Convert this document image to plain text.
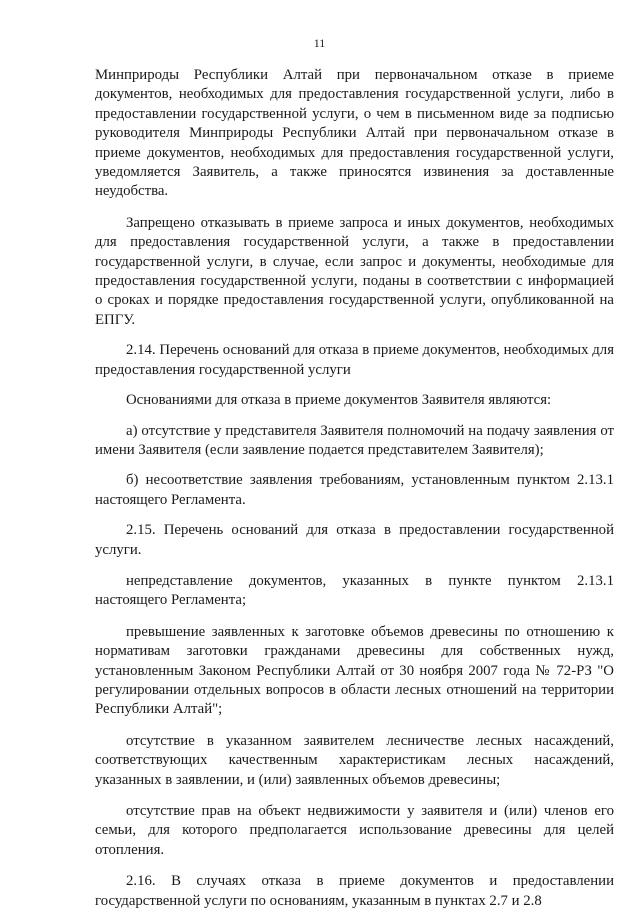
11

Минприроды Республики Алтай при первоначальном отказе в приеме документов, необходимых для предоставления государственной услуги, либо в предоставлении государственной услуги, о чем в письменном виде за подписью руководителя Минприроды Республики Алтай при первоначальном отказе в приеме документов, необходимых для предоставления государственной услуги, уведомляется Заявитель, а также приносятся извинения за доставленные неудобства.

Запрещено отказывать в приеме запроса и иных документов, необходимых для предоставления государственной услуги, а также в предоставлении государственной услуги, в случае, если запрос и документы, необходимые для предоставления государственной услуги, поданы в соответствии с информацией о сроках и порядке предоставления государственной услуги, опубликованной на ЕПГУ.

2.14. Перечень оснований для отказа в приеме документов, необходимых для предоставления государственной услуги

Основаниями для отказа в приеме документов Заявителя являются:

а) отсутствие у представителя Заявителя полномочий на подачу заявления от имени Заявителя (если заявление подается представителем Заявителя);

б) несоответствие заявления требованиям, установленным пунктом 2.13.1 настоящего Регламента.

2.15. Перечень оснований для отказа в предоставлении государственной услуги.

непредставление документов, указанных в пункте пунктом 2.13.1 настоящего Регламента;

превышение заявленных к заготовке объемов древесины по отношению к нормативам заготовки гражданами древесины для собственных нужд, установленным Законом Республики Алтай от 30 ноября 2007 года № 72-РЗ "О регулировании отдельных вопросов в области лесных отношений на территории Республики Алтай";

отсутствие в указанном заявителем лесничестве лесных насаждений, соответствующих качественным характеристикам лесных насаждений, указанных в заявлении, и (или) заявленных объемов древесины;

отсутствие прав на объект недвижимости у заявителя и (или) членов его семьи, для которого предполагается использование древесины для целей отопления.

2.16. В случаях отказа в приеме документов и предоставлении государственной услуги по основаниям, указанным в пунктах 2.7 и 2.8
